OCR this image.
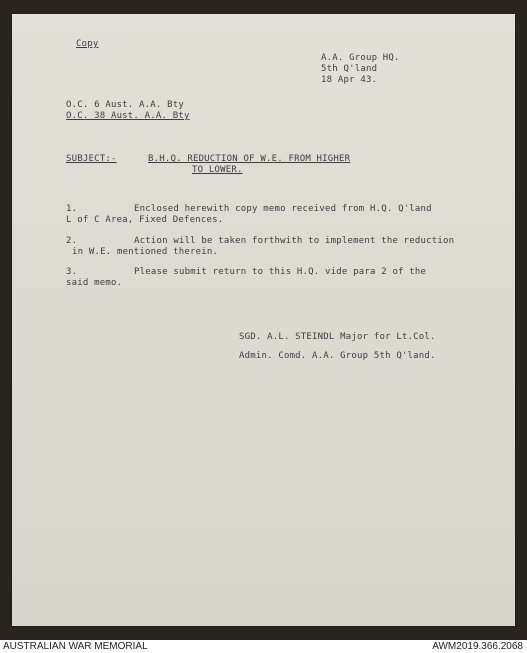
Copy
A.A. Group HQ.
5th Q'land
18 Apr 43.
O.C. 6 Aust. A.A. Bty
O.C. 38 Aust. A.A. Bty
SUBJECT:-	B.H.Q. REDUCTION OF W.E. FROM HIGHER
TO LOWER.
1.	Enclosed herewith copy memo received from H.Q. Q'land
L of C Area, Fixed Defences.
2.	Action will be taken forthwith to implement the reduction
in W.E. mentioned therein.
3.	Please submit return to this H.Q. vide para 2 of the
said memo.
SGD. A.L. STEINDL Major for Lt.Col.
Admin. Comd. A.A. Group 5th Q'land.
AUSTRALIAN WAR MEMORIAL	AWM2019.366.2068
